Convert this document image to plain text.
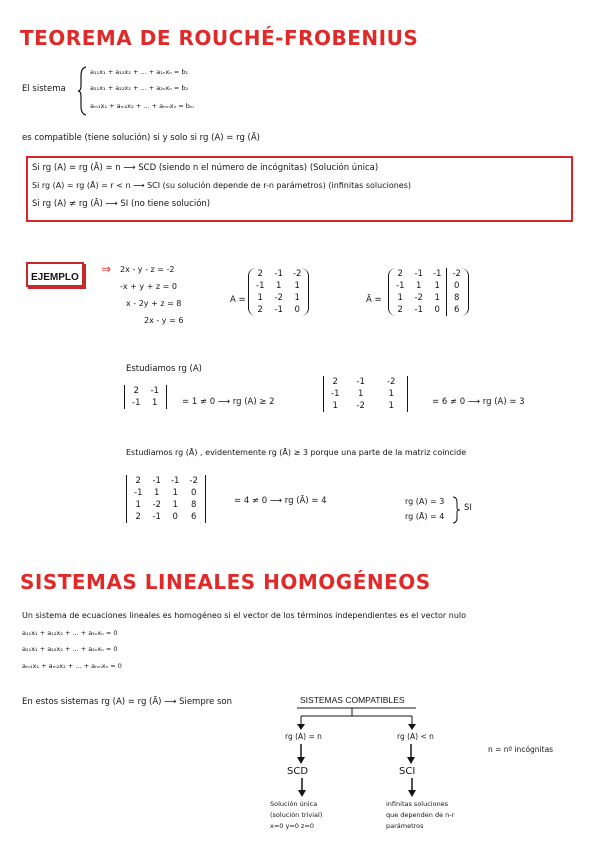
TEOREMA DE ROUCHÉ-FROBENIUS
El sistema
a₁₁x₁ + a₁₂x₂ + ... + a₁ₙxₙ = b₁
a₂₁x₁ + a₂₂x₂ + ... + a₂ₙxₙ = b₂
aₘ₁x₁ + aₘ₂x₂ + ... + aₘₙxₙ = bₘ
es compatible (tiene solución) si y solo si rg (A) = rg (Ā)
Si rg (A) = rg (Ā) = n ⟶ SCD (siendo n el número de incógnitas) (Solución única)
Si rg (A) = rg (Ā) = r < n ⟶ SCI (su solución depende de r-n parámetros) (infinitas soluciones)
Si rg (A) ≠ rg (Ā) ⟶ SI (no tiene solución)
EJEMPLO
⇒ 2x - y - z = -2
-x + y + z = 0
x - 2y + z = 8
2x - y = 6
A =
2	-1	-2
-1	1	1
1	-2	1
2	-1	0
Ā =
2	-1	-1	-2
-1	1	1	0
1	-2	1	8
2	-1	0	6
Estudiamos rg (A)
2	-1
-1	1	= 1 ≠ 0 ⟶ rg (A) ≥ 2
2	-1	-2
-1	1	1
1	-2	1	= 6 ≠ 0 ⟶ rg (A) = 3
Estudiamos rg (Ā) , evidentemente rg (Ā) ≥ 3 porque una parte de la matriz coincide
2	-1	-1	-2
-1	1	1	0
1	-2	1	8
2	-1	0	6
= 4 ≠ 0 ⟶ rg (Ā) = 4	rg (A) = 3
rg (Ā) = 4
SI
SISTEMAS LINEALES HOMOGÉNEOS
Un sistema de ecuaciones lineales es homogéneo si el vector de los términos independientes es el vector nulo
a₁₁x₁ + a₁₂x₂ + ... + a₁ₙxₙ = 0
a₂₁x₁ + a₂₂x₂ + ... + a₂ₙxₙ = 0
aₘ₁x₁ + aₘ₂x₂ + ... + aₘₙxₙ = 0
En estos sistemas rg (A) = rg (Ā) ⟶ Siempre son	SISTEMAS COMPATIBLES
rg (A) = n	rg (A) < n
SCD	SCI
Solución única
(solución trivial)
x=0 y=0 z=0
infinitas soluciones
que dependen de n-r
parámetros
n = nº incógnitas
